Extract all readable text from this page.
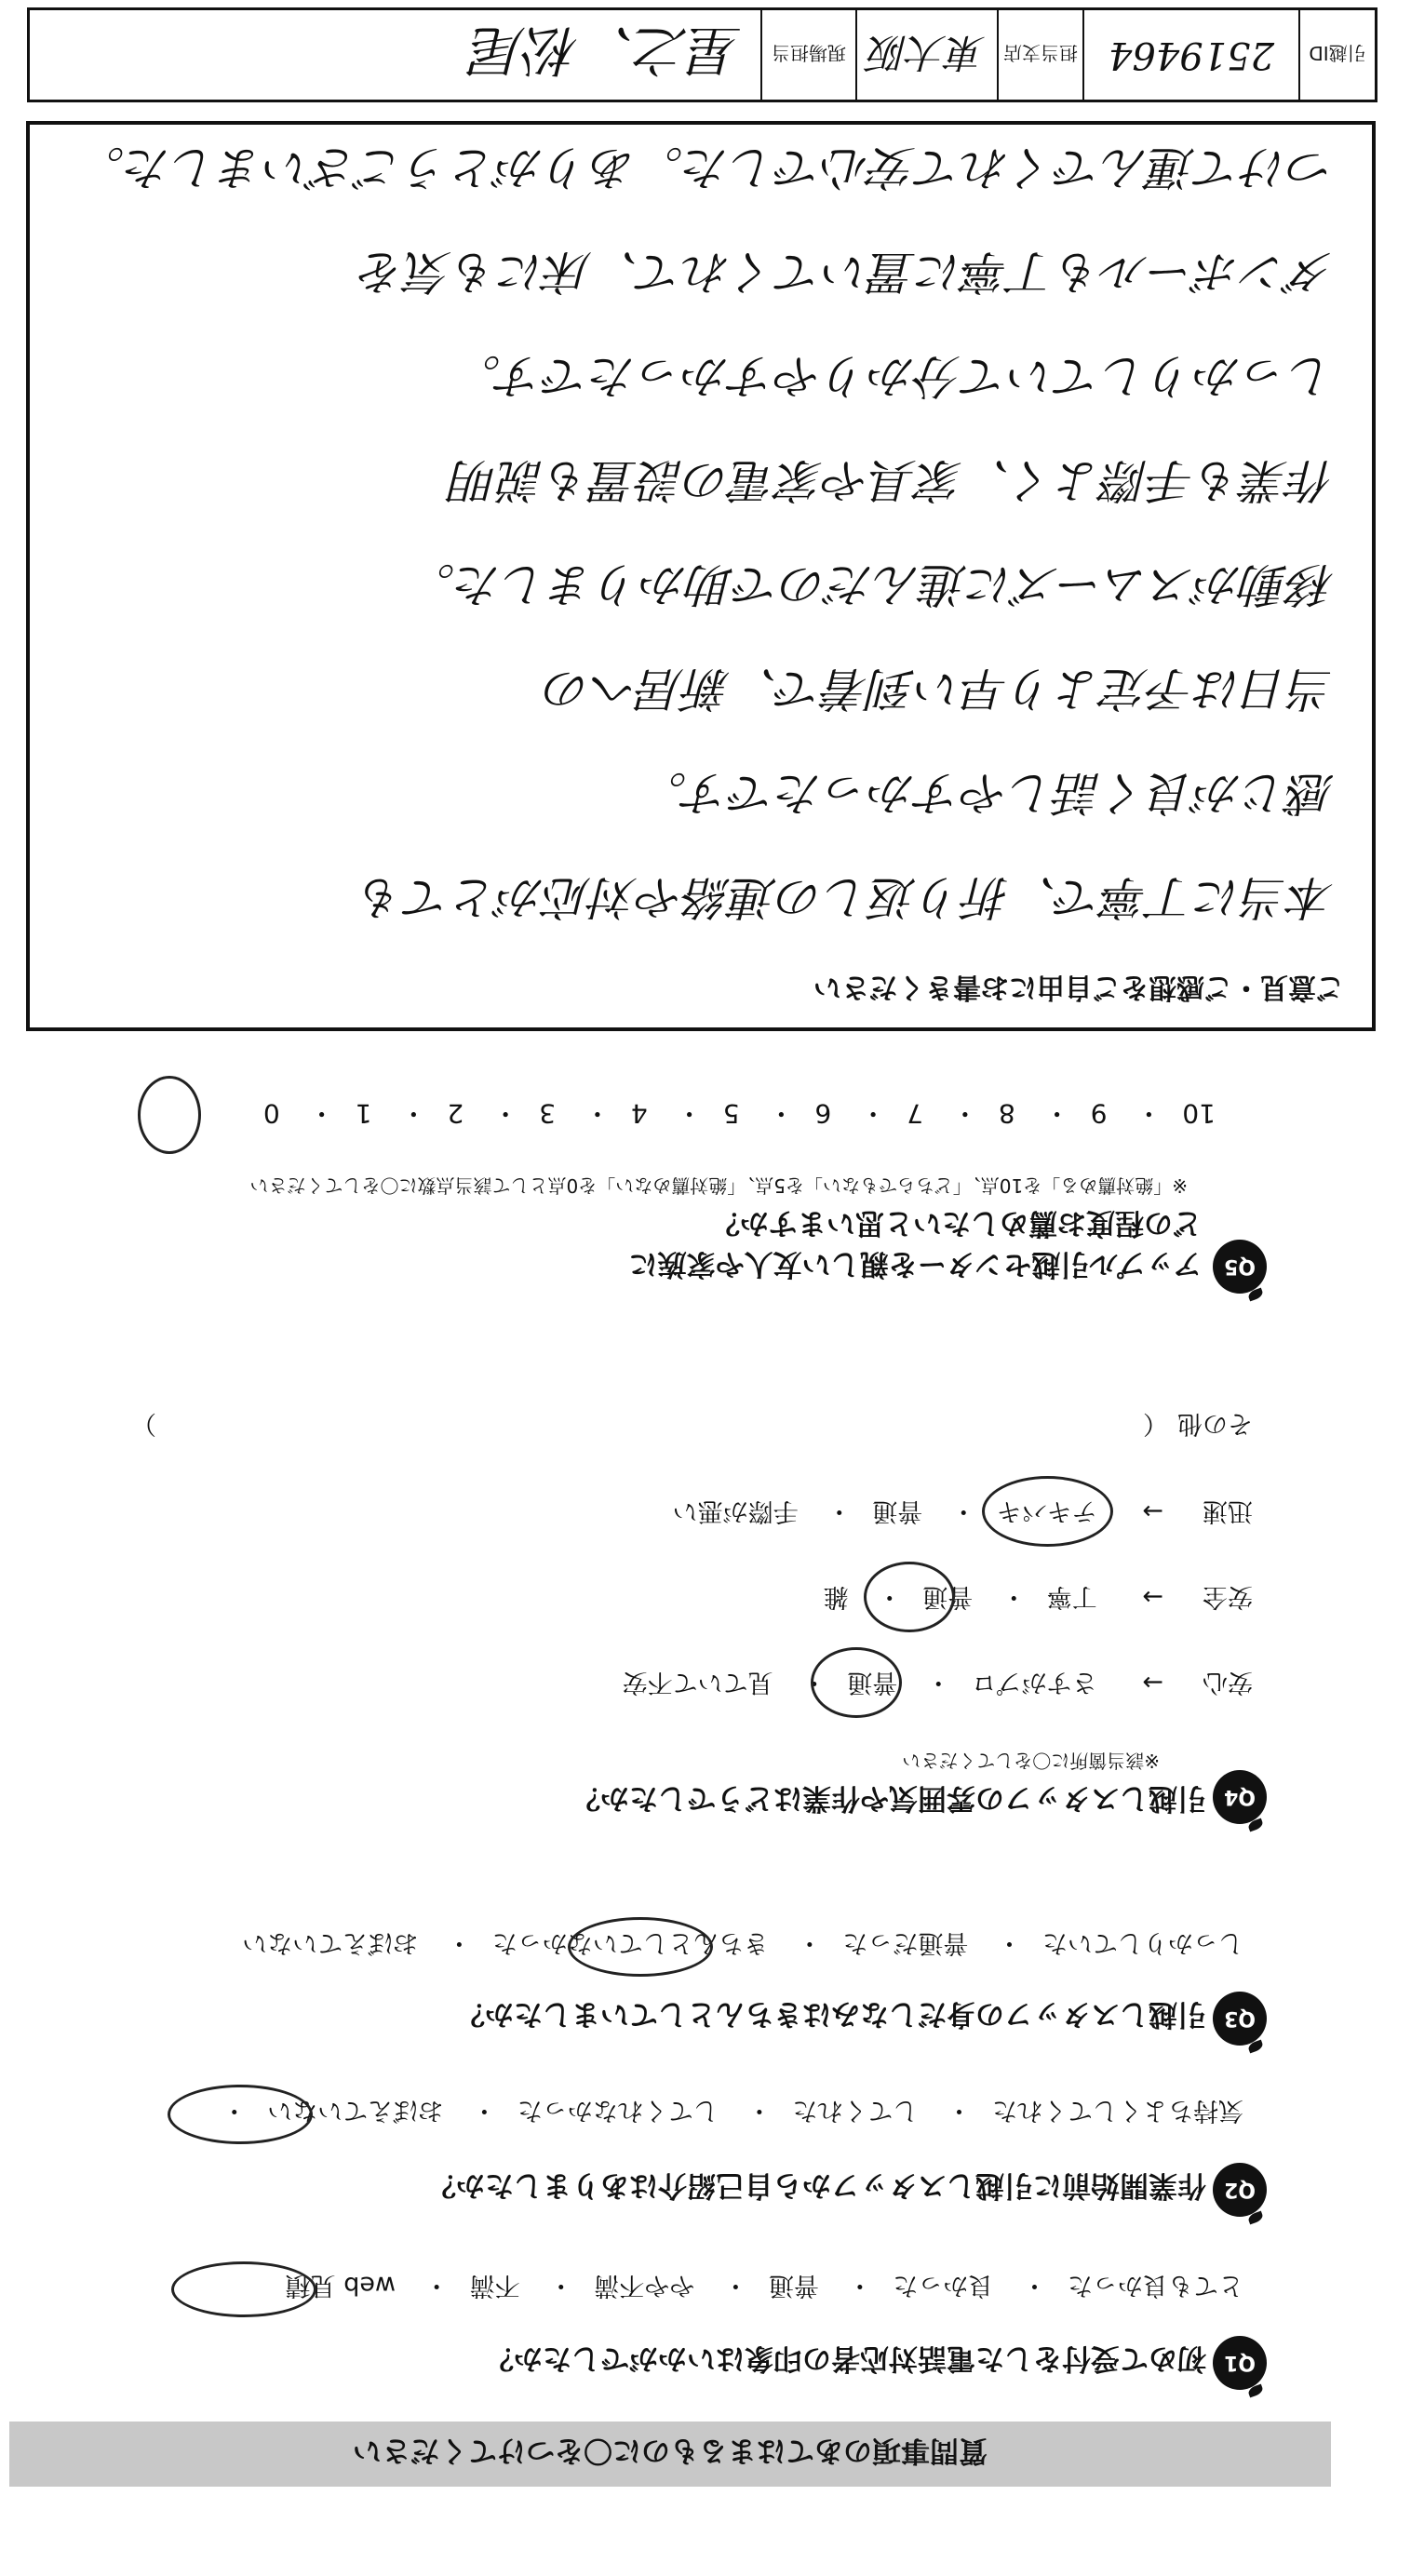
引越ID
2519464
担当支店
東大阪
現場担当
星之、松尾
質問事項のあてはまるものに〇をつけてください
Q1
初めて受付をした電話対応者の印象はいかがでしたか？
とても良かった・ 良かった・ 普通・ やや不満・ 不満・ web 見積
Q2
作業開始前に引越しスタッフから自己紹介はありましたか？
気持ちよくしてくれた・ してくれた・ してくれなかった・ おぼえていない・
Q3
引越しスタッフの身だしなみはきちんとしていましたか？
しっかりしていた・ 普通だった・ きちんとしていなかった・ おぼえていない
Q4
引越しスタッフの雰囲気や作業はどうでしたか？
※該当箇所に〇をしてください
安心→ さすがプロ・ 普通・ 見ていて不安
安全→ 丁寧・ 普通・ 雑
迅速→ テキパキ・ 普通・ 手際が悪い
その他（）
Q5
アップル引越センターを親しい友人や家族に
どの程度お薦めしたいと思いますか？
※「絶対薦める」を10点、「どちらでもない」を5点、「絶対薦めない」を0点として該当点数に〇をしてください
10・ 9・ 8・ 7・ 6・ 5・ 4・ 3・ 2・ 1・ 0
ご意見・ご感想をご自由にお書きください
本当に丁寧で、折り返しの連絡や対応がとても
感じが良く話しやすかったです。
当日は予定より早い到着で、新居への
移動がスムーズに進んだので助かりました。
作業も手際よく、家具や家電の設置も説明
しっかりしていて分かりやすかったです。
ダンボールも丁寧に置いてくれて、床にも気を
つけて運んでくれて安心でした。ありがとうございました。
